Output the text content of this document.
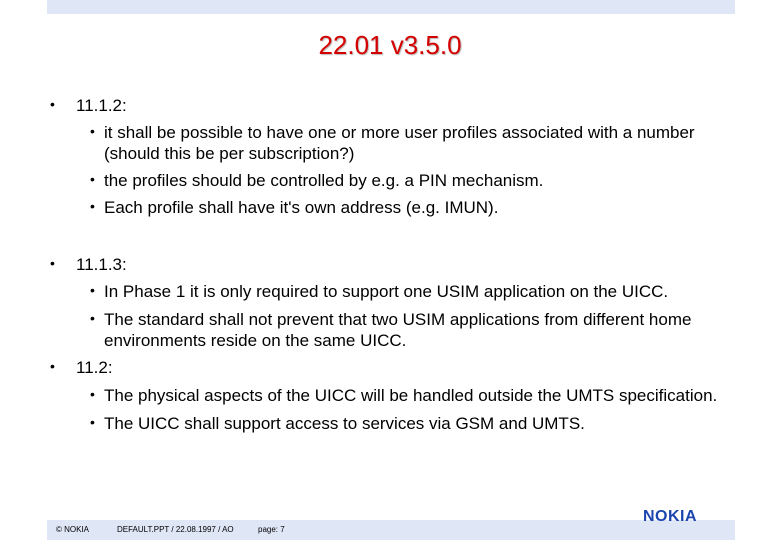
22.01 v3.5.0
• 11.1.2:
• it shall be possible to have one or more user profiles associated with a number
(should this be per subscription?)
• the profiles should be controlled by e.g. a PIN mechanism.
• Each profile shall have it's own address (e.g. IMUN).
• 11.1.3:
• In Phase 1 it is only required to support one USIM application on the UICC.
• The standard shall not prevent that two USIM applications from different home
environments reside on the same UICC.
• 11.2:
• The physical aspects of the UICC will be handled outside the UMTS specification.
• The UICC shall support access to services via GSM and UMTS.
© NOKIA	DEFAULT.PPT / 22.08.1997 / AO	page: 7
NOKIA
